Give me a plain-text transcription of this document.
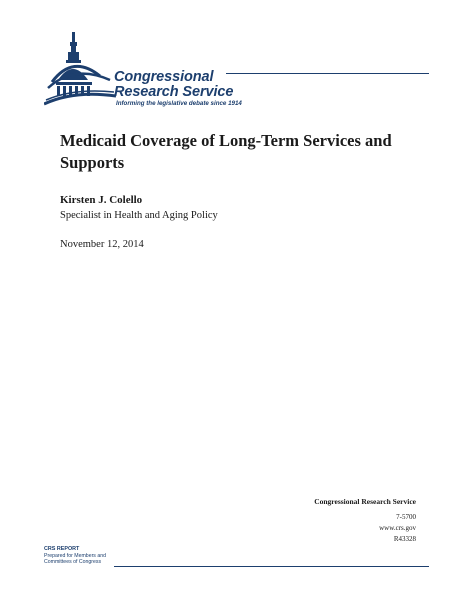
Congressional
Research Service
Informing the legislative debate since 1914
Medicaid Coverage of Long-Term Services and Supports
Kirsten J. Colello
Specialist in Health and Aging Policy
November 12, 2014
Congressional Research Service
7-5700
www.crs.gov
R43328
CRS REPORT
Prepared for Members and
Committees of Congress
